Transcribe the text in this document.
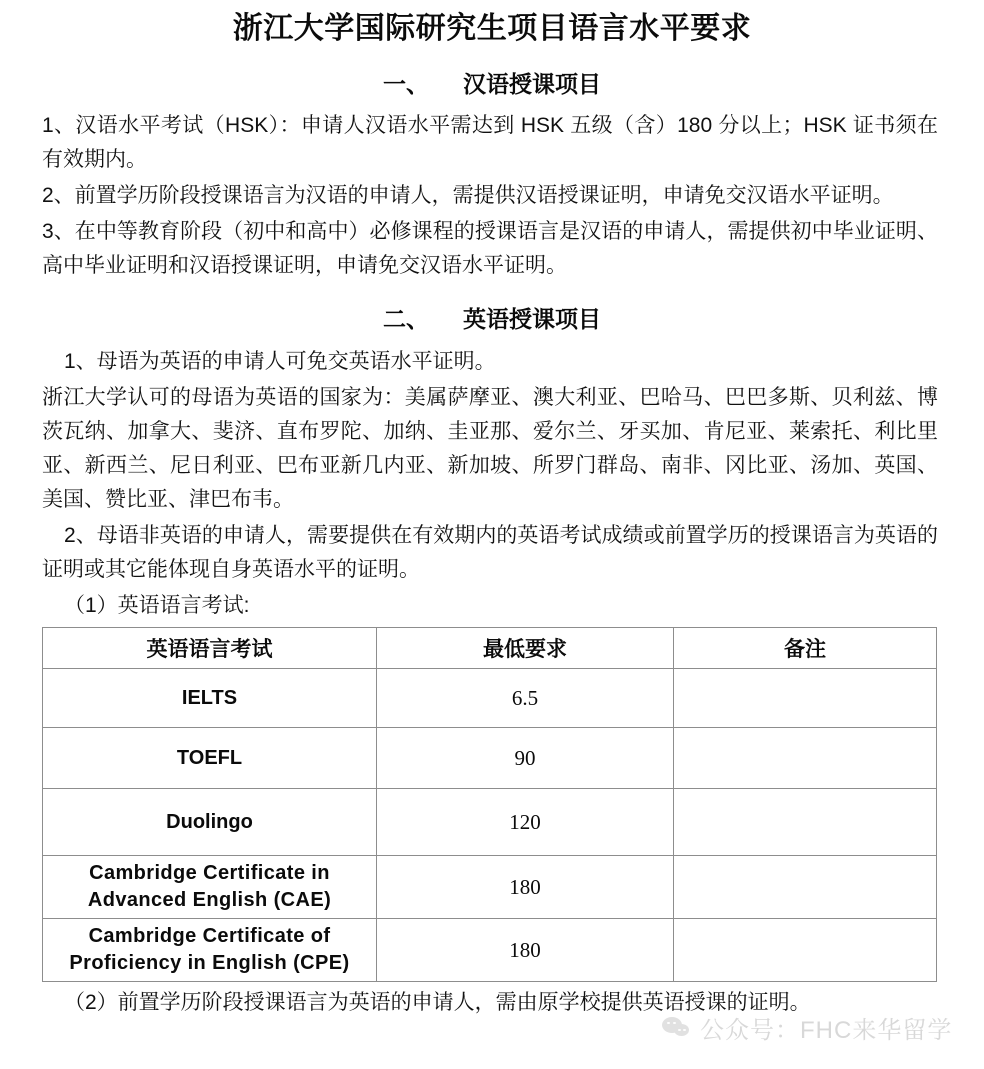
浙江大学国际研究生项目语言水平要求
一、 汉语授课项目

1、汉语水平考试（HSK）：申请人汉语水平需达到 HSK 五级（含）180 分以上；HSK 证书须在有效期内。

2、前置学历阶段授课语言为汉语的申请人，需提供汉语授课证明，申请免交汉语水平证明。

3、在中等教育阶段（初中和高中）必修课程的授课语言是汉语的申请人，需提供初中毕业证明、高中毕业证明和汉语授课证明，申请免交汉语水平证明。

二、 英语授课项目

1、母语为英语的申请人可免交英语水平证明。

浙江大学认可的母语为英语的国家为：美属萨摩亚、澳大利亚、巴哈马、巴巴多斯、贝利兹、博茨瓦纳、加拿大、斐济、直布罗陀、加纳、圭亚那、爱尔兰、牙买加、肯尼亚、莱索托、利比里亚、新西兰、尼日利亚、巴布亚新几内亚、新加坡、所罗门群岛、南非、冈比亚、汤加、英国、美国、赞比亚、津巴布韦。

2、母语非英语的申请人，需要提供在有效期内的英语考试成绩或前置学历的授课语言为英语的证明或其它能体现自身英语水平的证明。

（1）英语语言考试:

英语语言考试	最低要求	备注
IELTS	6.5	
TOEFL	90	
Duolingo	120	
Cambridge Certificate in Advanced English (CAE)	180	
Cambridge Certificate of Proficiency in English (CPE)	180	

（2）前置学历阶段授课语言为英语的申请人，需由原学校提供英语授课的证明。

公众号：FHC来华留学
